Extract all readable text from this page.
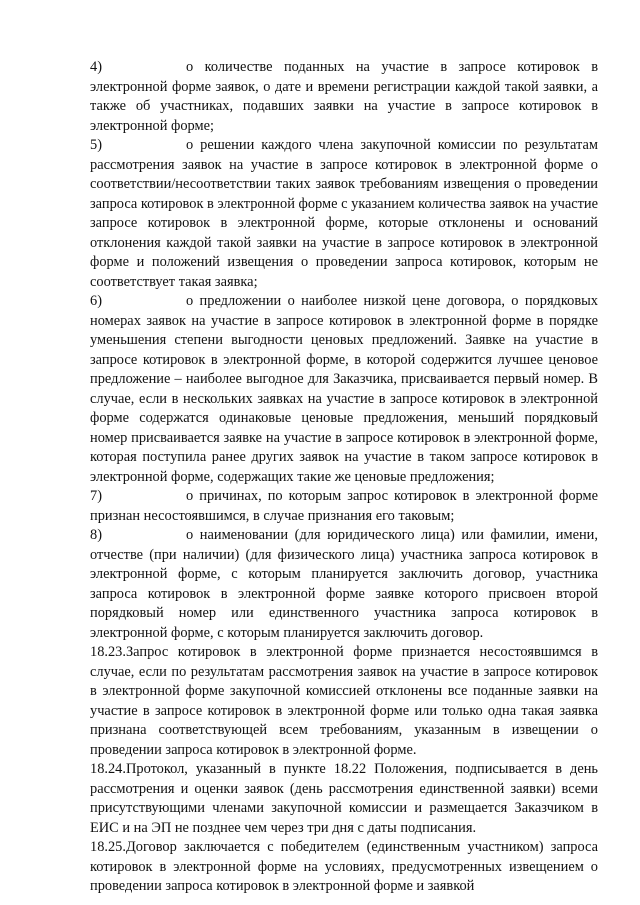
4)	о количестве поданных на участие в запросе котировок в электронной форме заявок, о дате и времени регистрации каждой такой заявки, а также об участниках, подавших заявки на участие в запросе котировок в электронной форме;

5)	о решении каждого члена закупочной комиссии по результатам рассмотрения заявок на участие в запросе котировок в электронной форме о соответствии/несоответствии таких заявок требованиям извещения о проведении запроса котировок в электронной форме с указанием количества заявок на участие запросе котировок в электронной форме, которые отклонены и оснований отклонения каждой такой заявки на участие в запросе котировок в электронной форме и положений извещения о проведении запроса котировок, которым не соответствует такая заявка;

6)	о предложении о наиболее низкой цене договора, о порядковых номерах заявок на участие в запросе котировок в электронной форме в порядке уменьшения степени выгодности ценовых предложений. Заявке на участие в запросе котировок в электронной форме, в которой содержится лучшее ценовое предложение – наиболее выгодное для Заказчика, присваивается первый номер. В случае, если в нескольких заявках на участие в запросе котировок в электронной форме содержатся одинаковые ценовые предложения, меньший порядковый номер присваивается заявке на участие в запросе котировок в электронной форме, которая поступила ранее других заявок на участие в таком запросе котировок в электронной форме, содержащих такие же ценовые предложения;

7)	о причинах, по которым запрос котировок в электронной форме признан несостоявшимся, в случае признания его таковым;

8)	о наименовании (для юридического лица) или фамилии, имени, отчестве (при наличии) (для физического лица) участника запроса котировок в электронной форме, с которым планируется заключить договор, участника запроса котировок в электронной форме заявке которого присвоен второй порядковый номер или единственного участника запроса котировок в электронной форме, с которым планируется заключить договор.

18.23.Запрос котировок в электронной форме признается несостоявшимся в случае, если по результатам рассмотрения заявок на участие в запросе котировок в электронной форме закупочной комиссией отклонены все поданные заявки на участие в запросе котировок в электронной форме или только одна такая заявка признана соответствующей всем требованиям, указанным в извещении о проведении запроса котировок в электронной форме.

18.24.Протокол, указанный в пункте 18.22 Положения, подписывается в день рассмотрения и оценки заявок (день рассмотрения единственной заявки) всеми присутствующими членами закупочной комиссии и размещается Заказчиком в ЕИС и на ЭП не позднее чем через три дня с даты подписания.

18.25.Договор заключается с победителем (единственным участником) запроса котировок в электронной форме на условиях, предусмотренных извещением о проведении запроса котировок в электронной форме и заявкой
